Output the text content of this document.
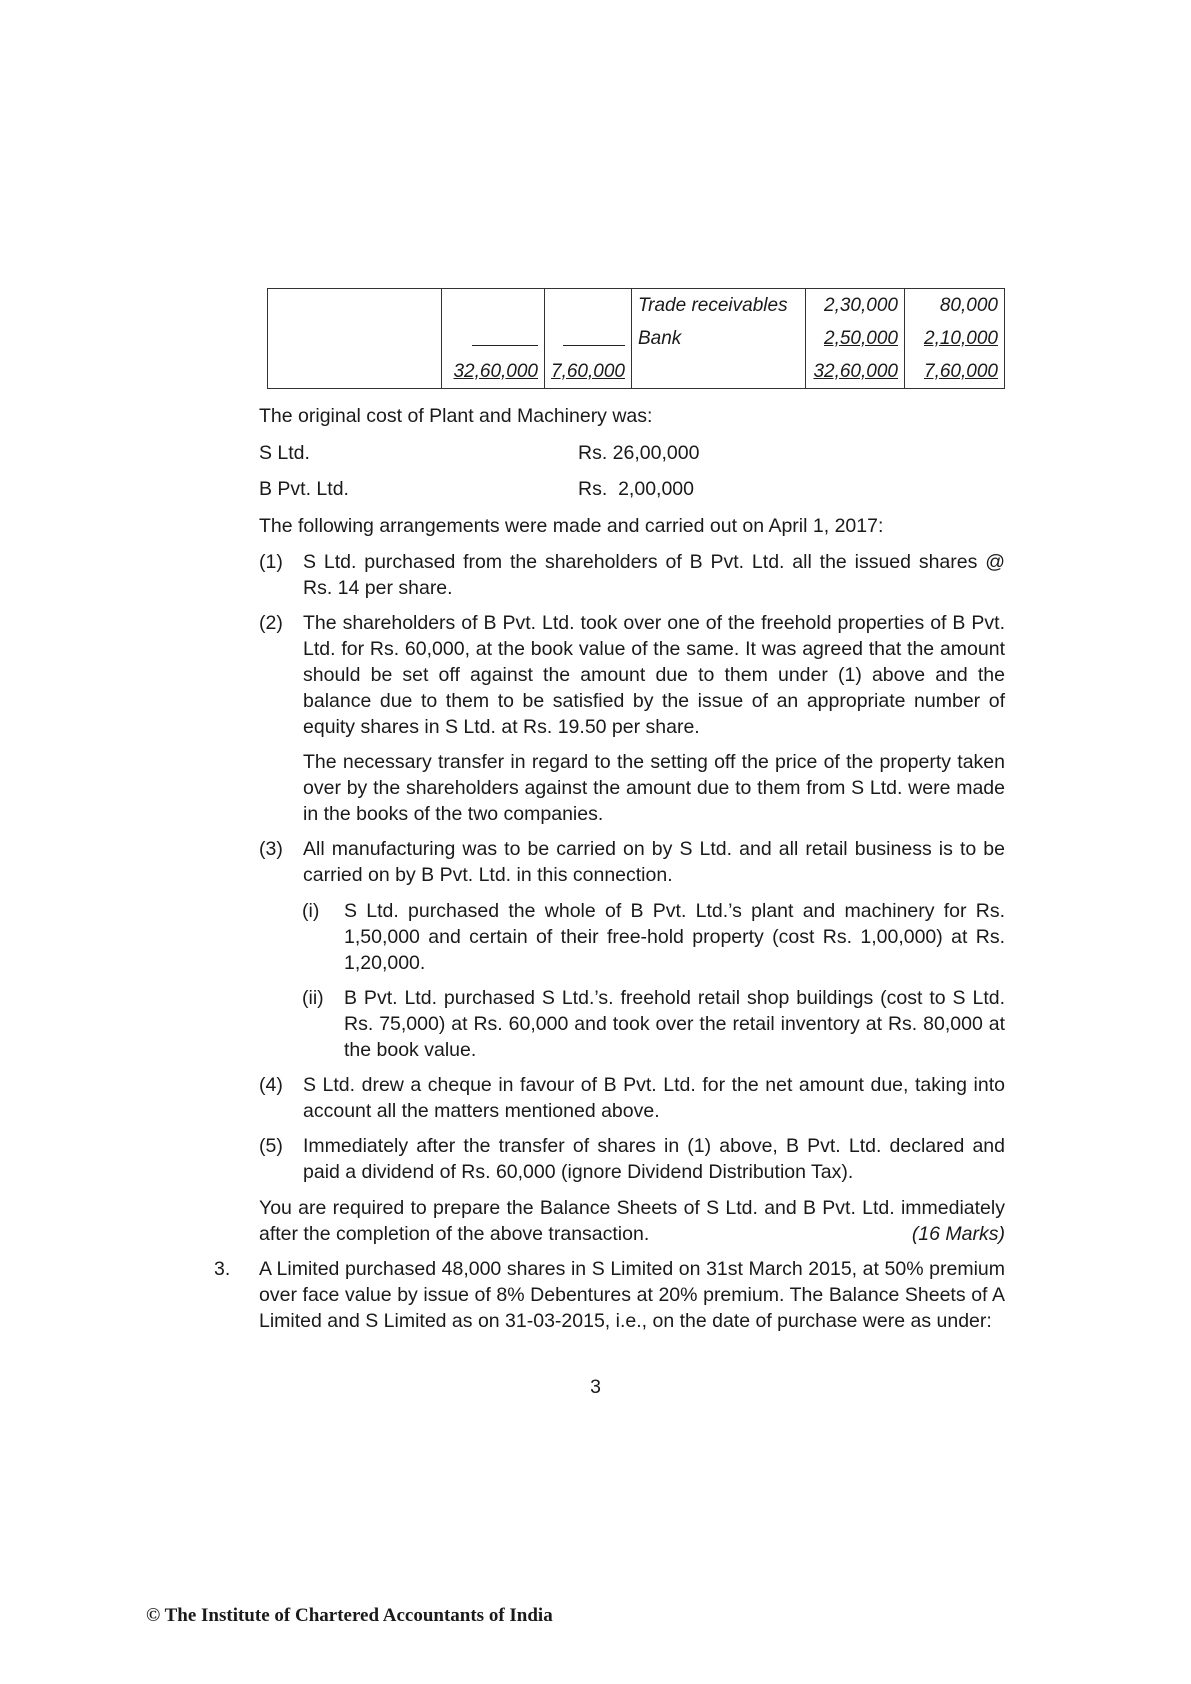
			Trade receivables	2,30,000	80,000
			Bank	2,50,000	2,10,000
	32,60,000	7,60,000		32,60,000	7,60,000
The original cost of Plant and Machinery was:
S Ltd.	Rs. 26,00,000
B Pvt. Ltd.	Rs.  2,00,000
The following arrangements were made and carried out on April 1, 2017:
(1) S Ltd. purchased from the shareholders of B Pvt. Ltd. all the issued shares @ Rs. 14 per share.
(2) The shareholders of B Pvt. Ltd. took over one of the freehold properties of B Pvt. Ltd. for Rs. 60,000, at the book value of the same. It was agreed that the amount should be set off against the amount due to them under (1) above and the balance due to them to be satisfied by the issue of an appropriate number of equity shares in S Ltd. at Rs. 19.50 per share.
The necessary transfer in regard to the setting off the price of the property taken over by the shareholders against the amount due to them from S Ltd. were made in the books of the two companies.
(3) All manufacturing was to be carried on by S Ltd. and all retail business is to be carried on by B Pvt. Ltd. in this connection.
(i) S Ltd. purchased the whole of B Pvt. Ltd.’s plant and machinery for Rs. 1,50,000 and certain of their free-hold property (cost Rs. 1,00,000) at Rs. 1,20,000.
(ii) B Pvt. Ltd. purchased S Ltd.’s. freehold retail shop buildings (cost to S Ltd. Rs. 75,000) at Rs. 60,000 and took over the retail inventory at Rs. 80,000 at the book value.
(4) S Ltd. drew a cheque in favour of B Pvt. Ltd. for the net amount due, taking into account all the matters mentioned above.
(5) Immediately after the transfer of shares in (1) above, B Pvt. Ltd. declared and paid a dividend of Rs. 60,000 (ignore Dividend Distribution Tax).
You are required to prepare the Balance Sheets of S Ltd. and B Pvt. Ltd. immediately after the completion of the above transaction.	(16 Marks)
3. A Limited purchased 48,000 shares in S Limited on 31st March 2015, at 50% premium over face value by issue of 8% Debentures at 20% premium. The Balance Sheets of A Limited and S Limited as on 31-03-2015, i.e., on the date of purchase were as under:
3
© The Institute of Chartered Accountants of India
